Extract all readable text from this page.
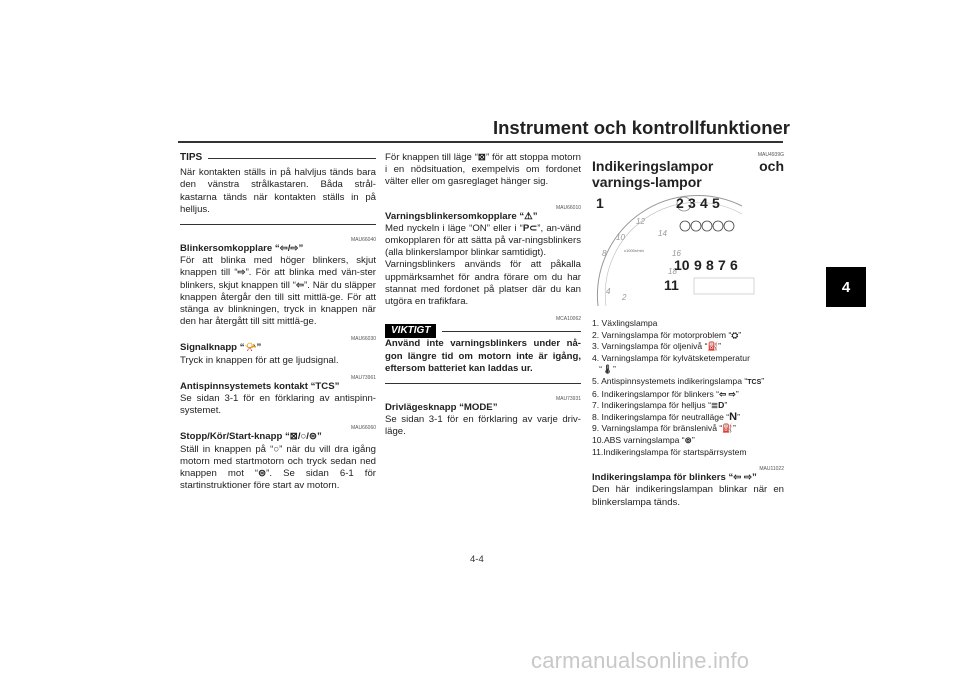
Instrument och kontrollfunktioner
4
TIPS

När kontakten ställs in på halvljus tänds bara den vänstra strålkastaren. Båda strål-kastarna tänds när kontakten ställs in på helljus.

MAU66040

Blinkersomkopplare “⇦/⇨”

För att blinka med höger blinkers, skjut knappen till “⇨”. För att blinka med vän-ster blinkers, skjut knappen till “⇦”. När du släpper knappen återgår den till sitt mittlä-ge. För att stänga av blinkningen, tryck in knappen när den har återgått till sitt mittlä-ge.

MAU66030

Signalknapp “📯”

Tryck in knappen för att ge ljudsignal.

MAU73961

Antispinnsystemets kontakt “TCS”

Se sidan 3-1 för en förklaring av antispinn-systemet.

MAU66060

Stopp/Kör/Start-knapp “⊠/○/⊜”

Ställ in knappen på “○” när du vill dra igång motorn med startmotorn och tryck sedan ned knappen mot “⊜”. Se sidan 6-1 för startinstruktioner före start av motorn.

För knappen till läge “⊠” för att stoppa motorn i en nödsituation, exempelvis om fordonet välter eller om gasreglaget hänger sig.

MAU66010

Varningsblinkersomkopplare “⚠”

Med nyckeln i läge “ON” eller i “P⊂”, an-vänd omkopplaren för att sätta på var-ningsblinkers (alla blinkerslampor blinkar samtidigt).

Varningsblinkers används för att påkalla uppmärksamhet för andra förare om du har stannat med fordonet på platser där du kan utgöra en trafikfara.

MCA10062
VIKTIGT

Använd inte varningsblinkers under nå-gon längre tid om motorn inte är igång, eftersom batteriet kan laddas ur.

MAU73931

Drivlägesknapp “MODE”

Se sidan 3-1 för en förklaring av varje driv-läge.

MAU4939G

Indikeringslampor och varnings-lampor

10
12
14
16
18
8
4
2
x1000r/min
1	2 3 4 5
10 9 8 7 6
11
1. Växlingslampa
2. Varningslampa för motorproblem “⛭”
3. Varningslampa för oljenivå “⛽”
4. Varningslampa för kylvätsketemperatur
“🌡”
5. Antispinnsystemets indikeringslampa “TCS”
6. Indikeringslampor för blinkers “⇦ ⇨”
7. Indikeringslampa för helljus “≣D”
8. Indikeringslampa för neutralläge “N”
9. Varningslampa för bränslenivå “⛽”
10.ABS varningslampa “⊚”
11.Indikeringslampa för startspärrsystem
MAU11022

Indikeringslampa för blinkers “⇦ ⇨”

Den här indikeringslampan blinkar när en blinkerslampa tänds.

4-4
carmanualsonline.info
